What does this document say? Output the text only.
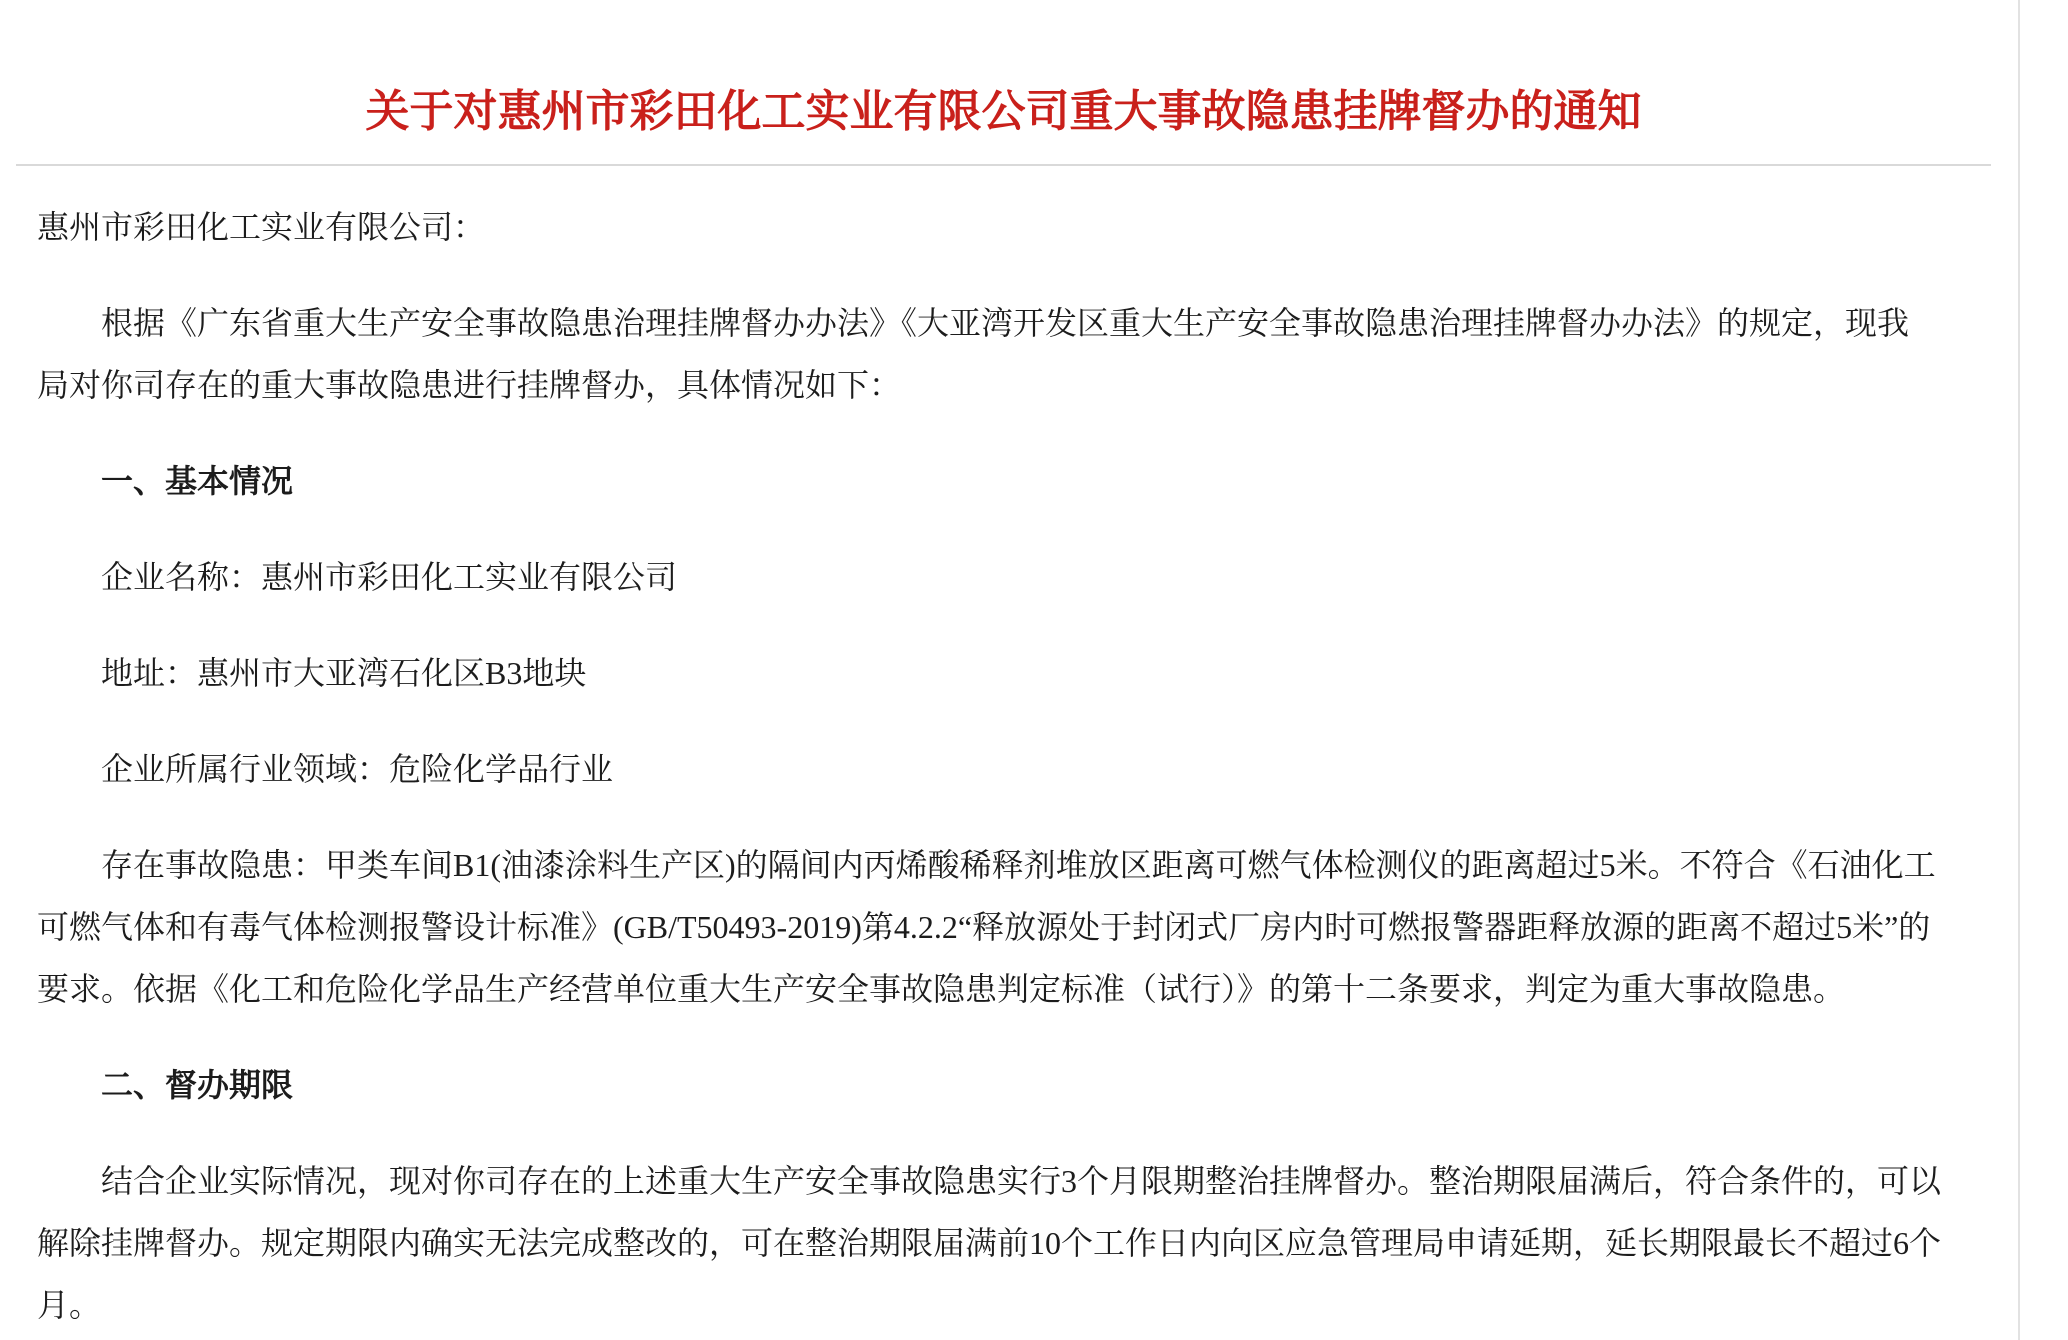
关于对惠州市彩田化工实业有限公司重大事故隐患挂牌督办的通知
惠州市彩田化工实业有限公司：
根据《广东省重大生产安全事故隐患治理挂牌督办办法》《大亚湾开发区重大生产安全事故隐患治理挂牌督办办法》的规定，现我
局对你司存在的重大事故隐患进行挂牌督办，具体情况如下：
一、基本情况
企业名称：惠州市彩田化工实业有限公司
地址：惠州市大亚湾石化区B3地块
企业所属行业领域：危险化学品行业
存在事故隐患：甲类车间B1(油漆涂料生产区)的隔间内丙烯酸稀释剂堆放区距离可燃气体检测仪的距离超过5米。不符合《石油化工
可燃气体和有毒气体检测报警设计标准》(GB/T50493-2019)第4.2.2“释放源处于封闭式厂房内时可燃报警器距释放源的距离不超过5米”的
要求。依据《化工和危险化学品生产经营单位重大生产安全事故隐患判定标准（试行）》的第十二条要求，判定为重大事故隐患。
二、督办期限
结合企业实际情况，现对你司存在的上述重大生产安全事故隐患实行3个月限期整治挂牌督办。整治期限届满后，符合条件的，可以
解除挂牌督办。规定期限内确实无法完成整改的，可在整治期限届满前10个工作日内向区应急管理局申请延期，延长期限最长不超过6个
月。
